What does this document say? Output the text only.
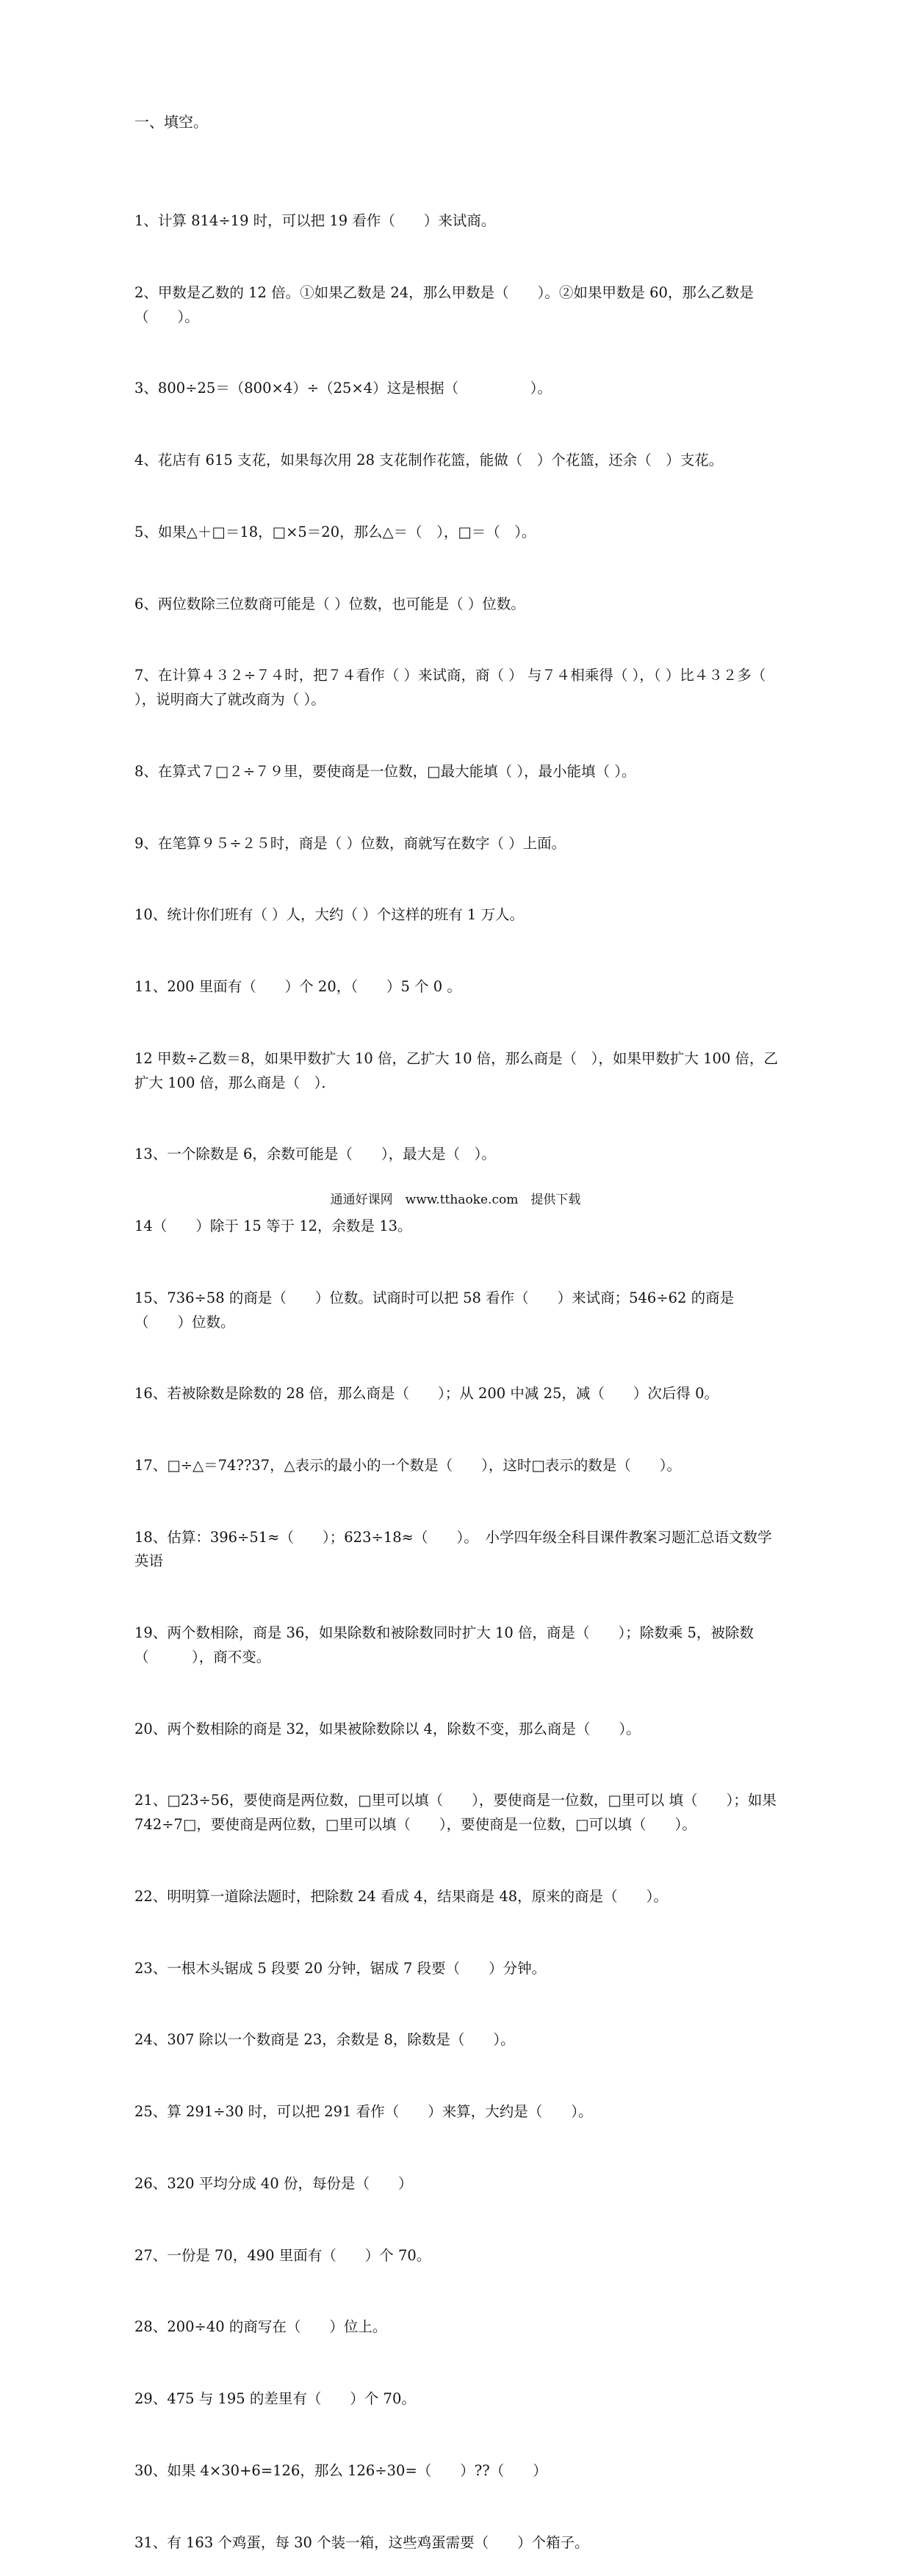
一、填空。

1、计算 814÷19 时，可以把 19 看作（　　）来试商。

2、甲数是乙数的 12 倍。①如果乙数是 24，那么甲数是（　　）。②如果甲数是 60，那么乙数是（　　）。

3、800÷25＝（800×4）÷（25×4）这是根据（　　　　　）。

4、花店有 615 支花，如果每次用 28 支花制作花篮，能做（　）个花篮，还余（　）支花。

5、如果△＋□＝18，□×5＝20，那么△＝（　），□＝（　）。

6、两位数除三位数商可能是（ ）位数，也可能是（ ）位数。

7、在计算４３２÷７４时，把７４看作（ ）来试商，商（ ） 与７４相乘得（ ），（ ）比４３２多（ ），说明商大了就改商为（ ）。

8、在算式７□２÷７９里，要使商是一位数，□最大能填（ ），最小能填（ ）。

9、在笔算９５÷２５时，商是（ ）位数，商就写在数字（ ）上面。

10、统计你们班有（ ）人，大约（ ）个这样的班有 1 万人。

11、200 里面有（　　）个 20，（　　）5 个 0 。

12 甲数÷乙数＝8，如果甲数扩大 10 倍，乙扩大 10 倍，那么商是（　），如果甲数扩大 100 倍，乙扩大 100 倍，那么商是（　）．

13、一个除数是 6，余数可能是（　　），最大是（　）。

14（　　）除于 15 等于 12，余数是 13。

15、736÷58 的商是（　　）位数。试商时可以把 58 看作（　　）来试商；546÷62 的商是（　　）位数。

16、若被除数是除数的 28 倍，那么商是（　　）；从 200 中减 25，减（　　）次后得 0。

17、□÷△＝74??37，△表示的最小的一个数是（　　），这时□表示的数是（　　）。

18、估算：396÷51≈（　　）；623÷18≈（　　）。　小学四年级全科目课件教案习题汇总语文数学英语

19、两个数相除，商是 36，如果除数和被除数同时扩大 10 倍，商是（　　）；除数乘 5，被除数（　　　），商不变。

20、两个数相除的商是 32，如果被除数除以 4，除数不变，那么商是（　　）。

21、□23÷56，要使商是两位数，□里可以填（　　），要使商是一位数，□里可以 填（　　）；如果 742÷7□，要使商是两位数，□里可以填（　　），要使商是一位数，□可以填（　　）。

22、明明算一道除法题时，把除数 24 看成 4，结果商是 48，原来的商是（　　）。

23、一根木头锯成 5 段要 20 分钟，锯成 7 段要（　　）分钟。

24、307 除以一个数商是 23，余数是 8，除数是（　　）。

25、算 291÷30 时，可以把 291 看作（　　）来算，大约是（　　）。

26、320 平均分成 40 份，每份是（　　）

27、一份是 70，490 里面有（　　）个 70。

28、200÷40 的商写在（　　）位上。

29、475 与 195 的差里有（　　）个 70。

30、如果 4×30+6=126，那么 126÷30=（　　）??（　　）

31、有 163 个鸡蛋，每 30 个装一箱，这些鸡蛋需要（　　）个箱子。

通通好课网　www.tthaoke.com　提供下载
